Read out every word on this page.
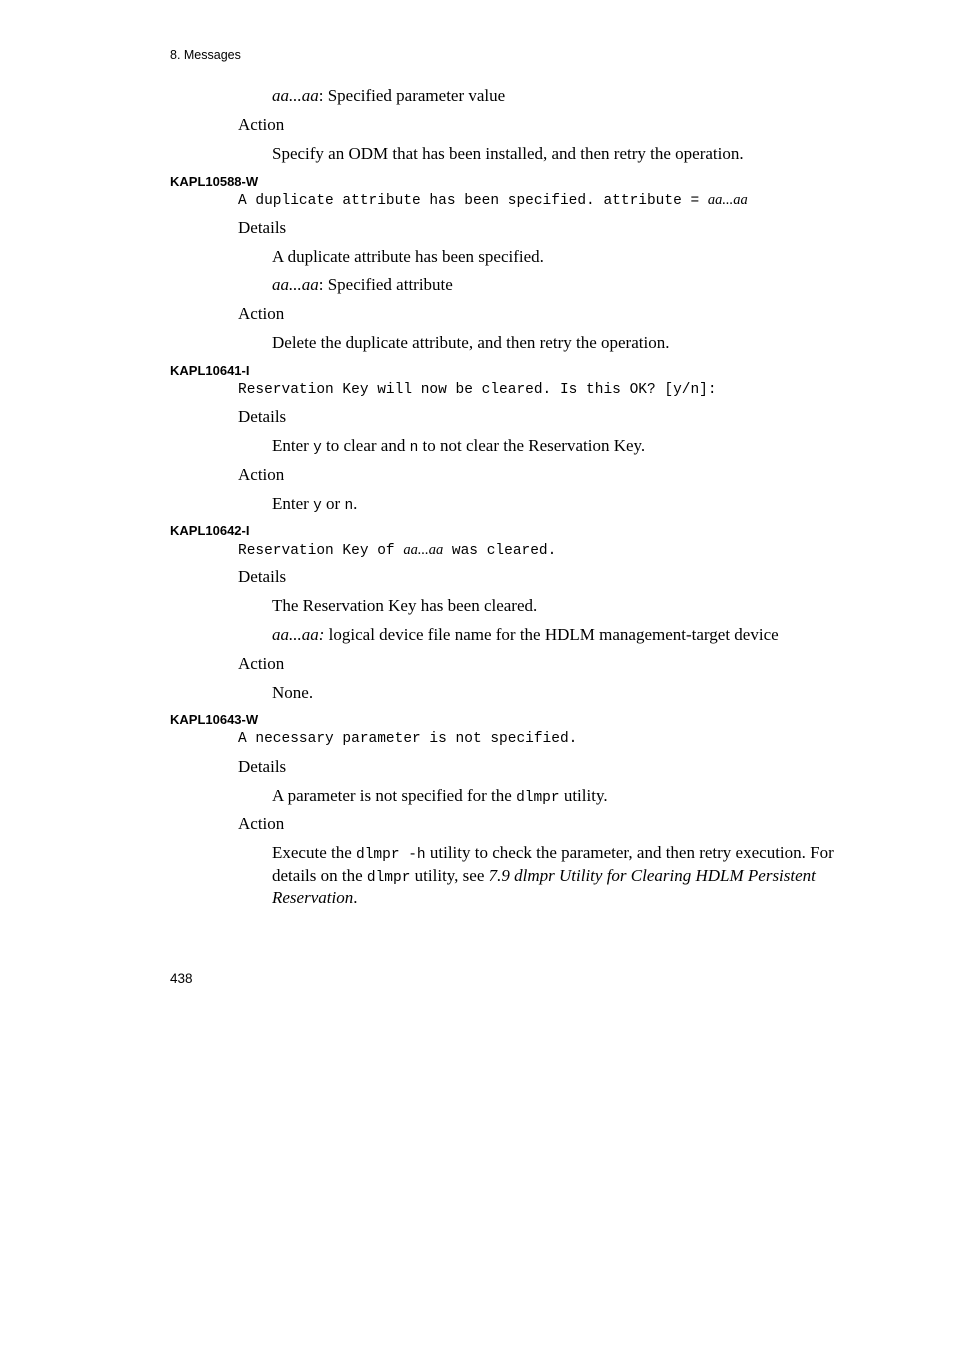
8. Messages
aa...aa: Specified parameter value
Action
Specify an ODM that has been installed, and then retry the operation.
KAPL10588-W
A duplicate attribute has been specified. attribute = aa...aa
Details
A duplicate attribute has been specified.
aa...aa: Specified attribute
Action
Delete the duplicate attribute, and then retry the operation.
KAPL10641-I
Reservation Key will now be cleared. Is this OK? [y/n]:
Details
Enter y to clear and n to not clear the Reservation Key.
Action
Enter y or n.
KAPL10642-I
Reservation Key of aa...aa was cleared.
Details
The Reservation Key has been cleared.
aa...aa: logical device file name for the HDLM management-target device
Action
None.
KAPL10643-W
A necessary parameter is not specified.
Details
A parameter is not specified for the dlmpr utility.
Action
Execute the dlmpr -h utility to check the parameter, and then retry execution. For details on the dlmpr utility, see 7.9 dlmpr Utility for Clearing HDLM Persistent Reservation.
438
